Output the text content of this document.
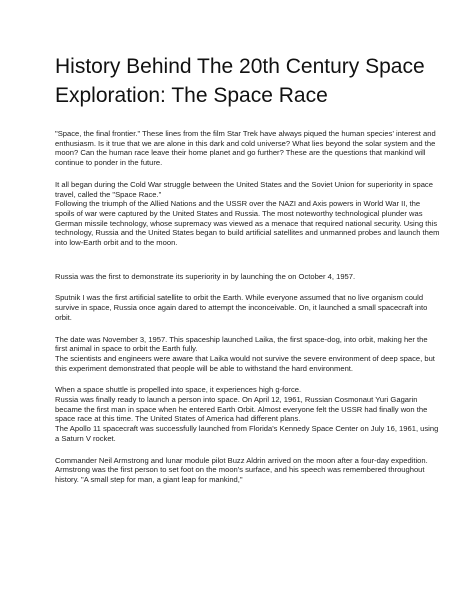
History Behind The 20th Century Space Exploration: The Space Race

"Space, the final frontier." These lines from the film Star Trek have always piqued the human species' interest and enthusiasm. Is it true that we are alone in this dark and cold universe? What lies beyond the solar system and the moon? Can the human race leave their home planet and go further? These are the questions that mankind will continue to ponder in the future.

It all began during the Cold War struggle between the United States and the Soviet Union for superiority in space travel, called the "Space Race."
Following the triumph of the Allied Nations and the USSR over the NAZI and Axis powers in World War II, the spoils of war were captured by the United States and Russia. The most noteworthy technological plunder was German missile technology, whose supremacy was viewed as a menace that required national security. Using this technology, Russia and the United States began to build artificial satellites and unmanned probes and launch them into low-Earth orbit and to the moon.

Russia was the first to demonstrate its superiority in by launching the on October 4, 1957.

Sputnik I was the first artificial satellite to orbit the Earth. While everyone assumed that no live organism could survive in space, Russia once again dared to attempt the inconceivable. On, it launched a small spacecraft into orbit.

The date was November 3, 1957. This spaceship launched Laika, the first space-dog, into orbit, making her the first animal in space to orbit the Earth fully.
The scientists and engineers were aware that Laika would not survive the severe environment of deep space, but this experiment demonstrated that people will be able to withstand the hard environment.

When a space shuttle is propelled into space, it experiences high g-force.
Russia was finally ready to launch a person into space. On April 12, 1961, Russian Cosmonaut Yuri Gagarin became the first man in space when he entered Earth Orbit. Almost everyone felt the USSR had finally won the space race at this time. The United States of America had different plans.
The Apollo 11 spacecraft was successfully launched from Florida's Kennedy Space Center on July 16, 1961, using a Saturn V rocket.

Commander Neil Armstrong and lunar module pilot Buzz Aldrin arrived on the moon after a four-day expedition. Armstrong was the first person to set foot on the moon's surface, and his speech was remembered throughout history. "A small step for man, a giant leap for mankind,"
